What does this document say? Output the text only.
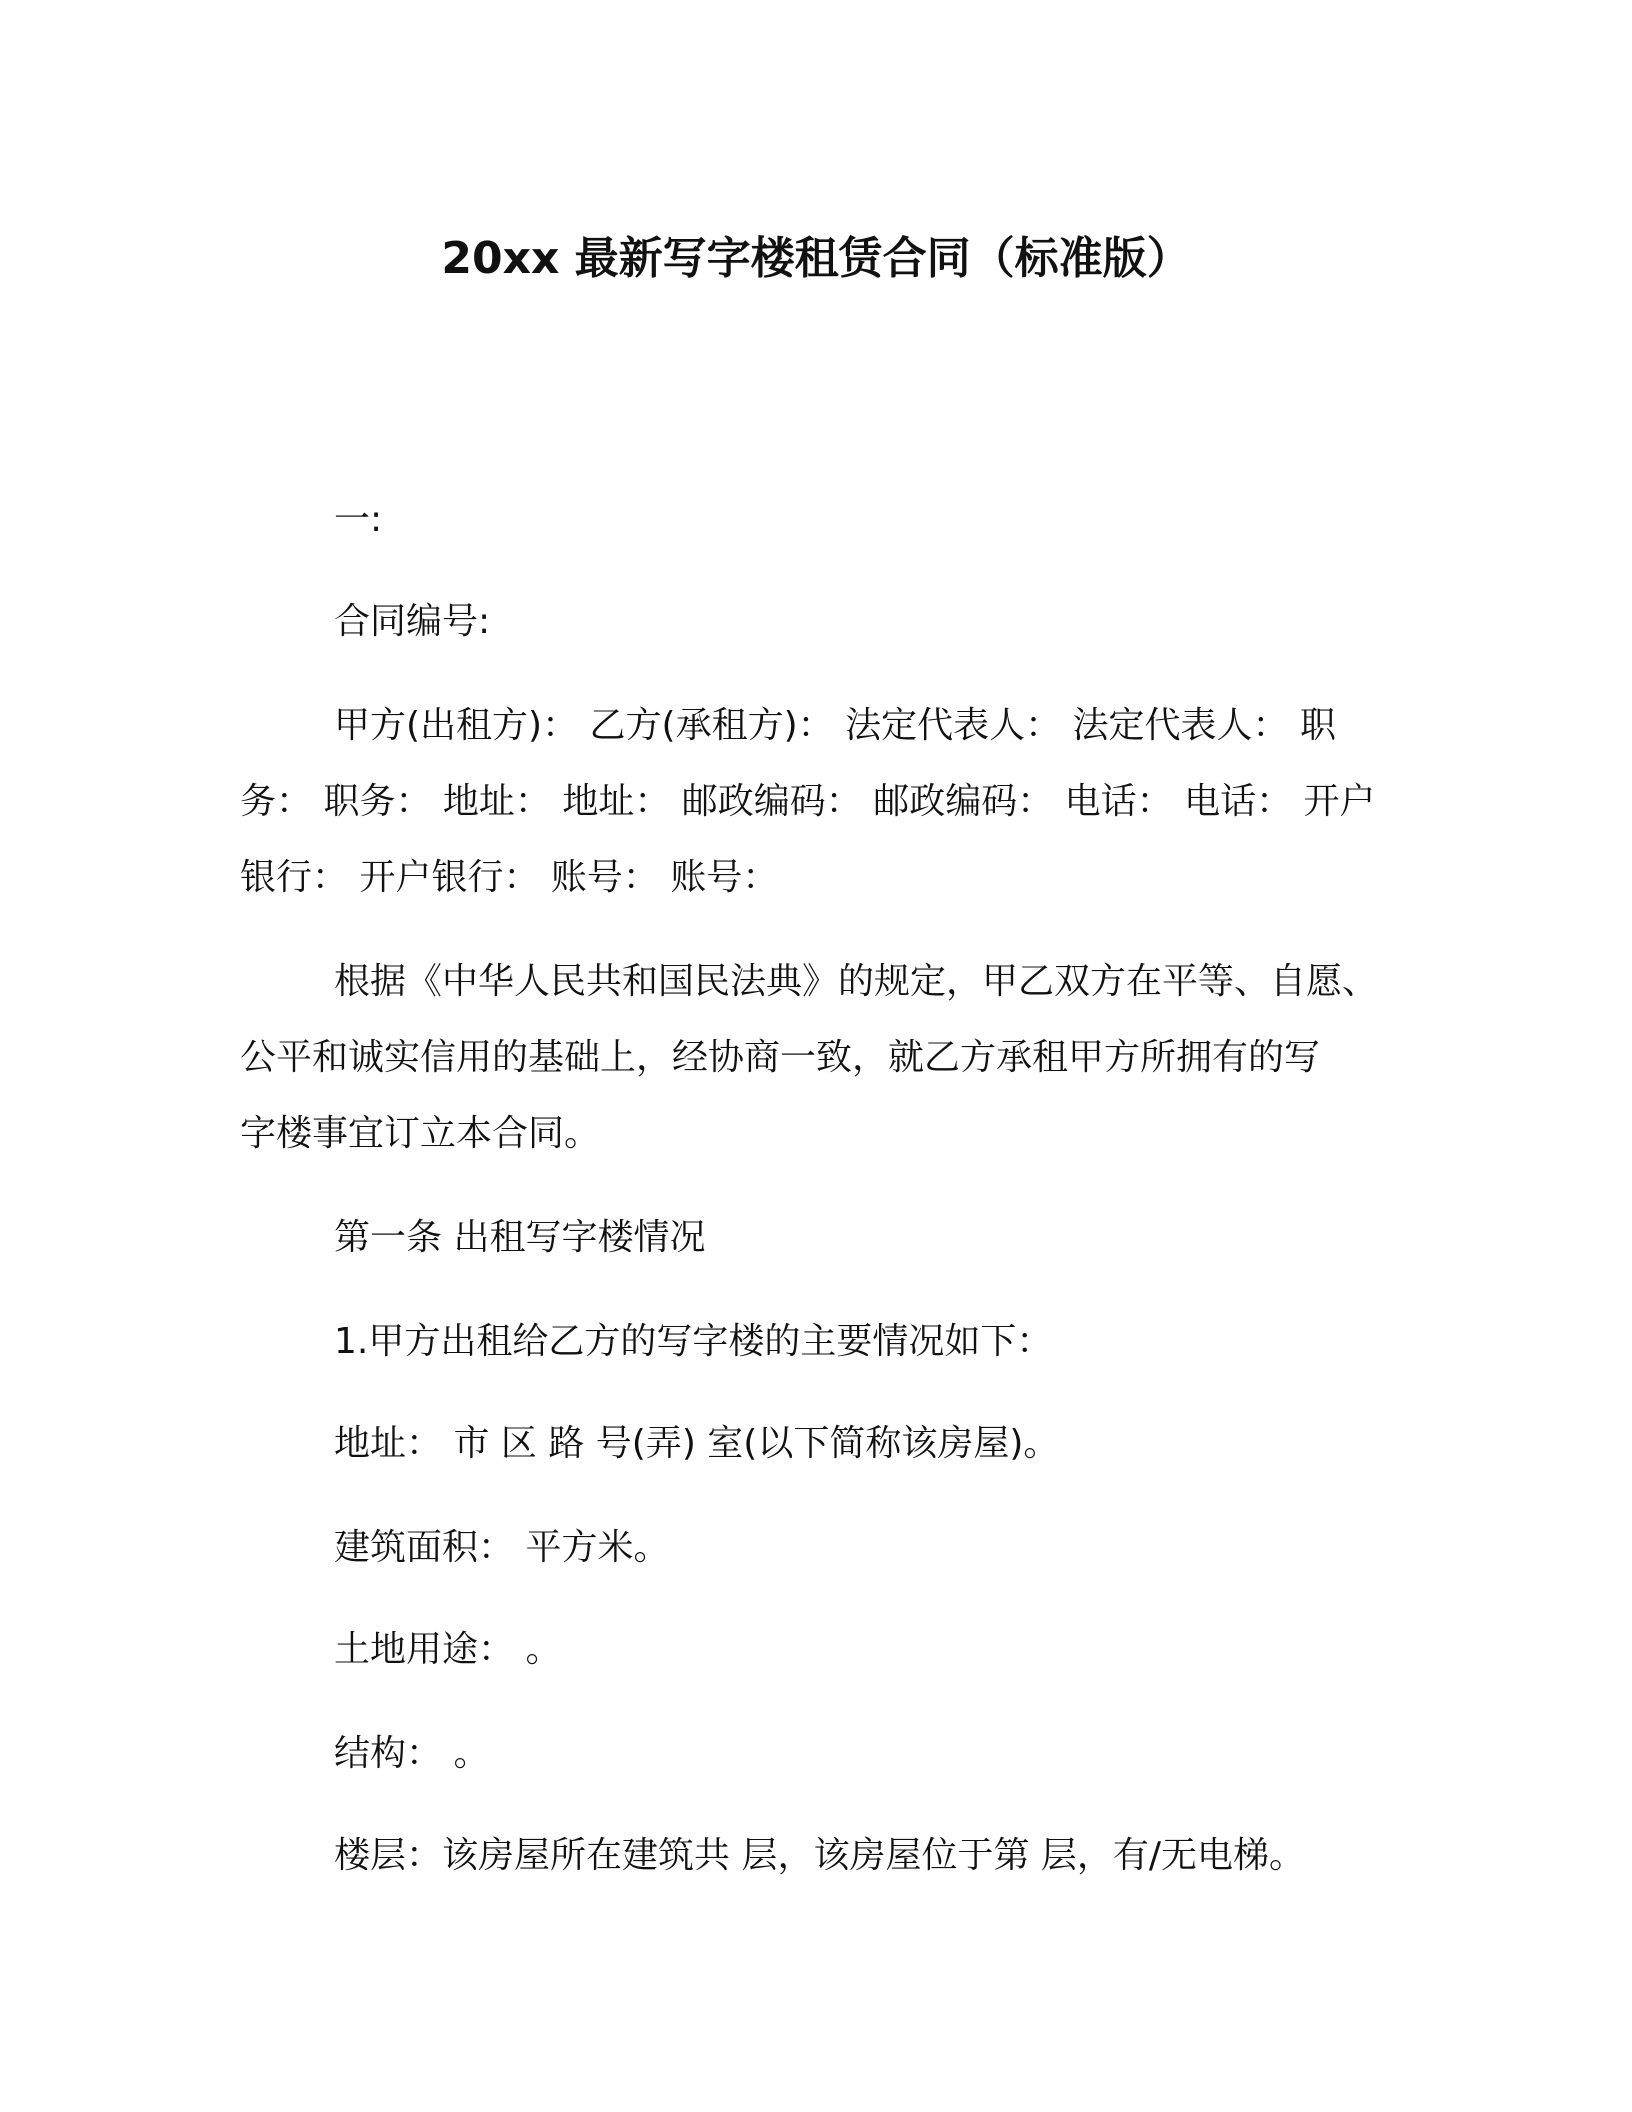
20xx 最新写字楼租赁合同（标准版）
一:
合同编号:
甲方(出租方)： 乙方(承租方)： 法定代表人： 法定代表人： 职
务： 职务： 地址： 地址： 邮政编码： 邮政编码： 电话： 电话： 开户
银行： 开户银行： 账号： 账号：
根据《中华人民共和国民法典》的规定，甲乙双方在平等、自愿、
公平和诚实信用的基础上，经协商一致，就乙方承租甲方所拥有的写
字楼事宜订立本合同。
第一条 出租写字楼情况
1.甲方出租给乙方的写字楼的主要情况如下：
地址： 市 区 路 号(弄) 室(以下简称该房屋)。
建筑面积： 平方米。
土地用途： 。
结构： 。
楼层：该房屋所在建筑共 层，该房屋位于第 层，有/无电梯。
